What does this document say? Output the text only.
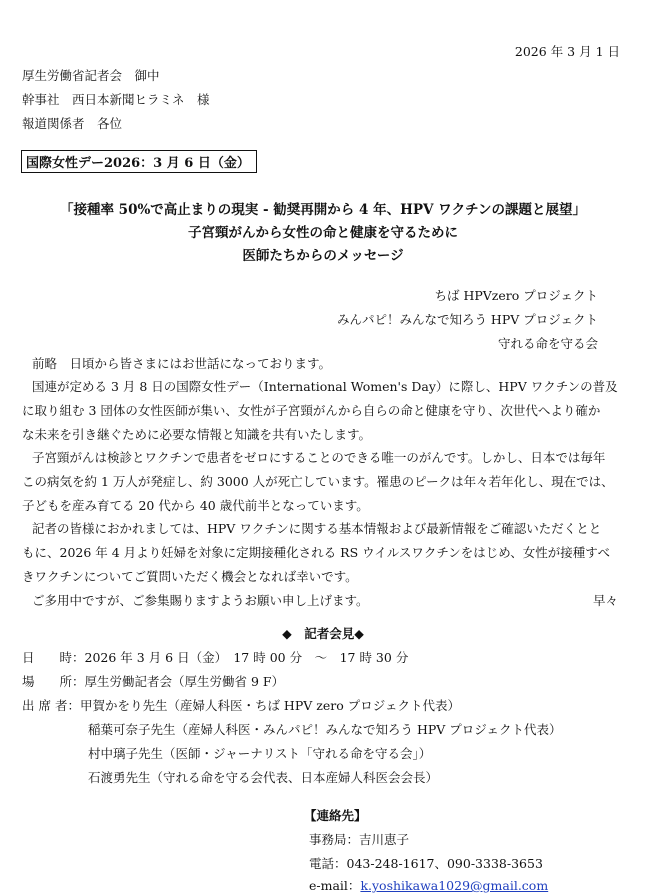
2026 年 3 月 1 日
厚生労働省記者会　御中
幹事社　西日本新聞ヒラミネ　様
報道関係者　各位
国際女性デー2026：3 月 6 日（金）
「接種率 50%で高止まりの現実 - 勧奨再開から 4 年、HPV ワクチンの課題と展望」
子宮頸がんから女性の命と健康を守るために
医師たちからのメッセージ
ちば HPVzero プロジェクト
みんパピ！みんなで知ろう HPV プロジェクト
守れる命を守る会
前略　日頃から皆さまにはお世話になっております。
国連が定める 3 月 8 日の国際女性デー（International Women's Day）に際し、HPV ワクチンの普及
に取り組む 3 団体の女性医師が集い、女性が子宮頸がんから自らの命と健康を守り、次世代へより確か
な未来を引き継ぐために必要な情報と知識を共有いたします。
子宮頸がんは検診とワクチンで患者をゼロにすることのできる唯一のがんです。しかし、日本では毎年
この病気を約 1 万人が発症し、約 3000 人が死亡しています。罹患のピークは年々若年化し、現在では、
子どもを産み育てる 20 代から 40 歳代前半となっています。
記者の皆様におかれましては、HPV ワクチンに関する基本情報および最新情報をご確認いただくとと
もに、2026 年 4 月より妊婦を対象に定期接種化される RS ウイルスワクチンをはじめ、女性が接種すべ
きワクチンについてご質問いただく機会となれば幸いです。
ご多用中ですが、ご参集賜りますようお願い申し上げます。	早々
◆　記者会見◆
日　　時：2026 年 3 月 6 日（金）　17 時 00 分　～　17 時 30 分
場　　所：厚生労働記者会（厚生労働省 9 F）
出 席 者：甲賀かをり先生（産婦人科医・ちば HPV zero プロジェクト代表）
稲葉可奈子先生（産婦人科医・みんパピ！みんなで知ろう HPV プロジェクト代表）
村中璃子先生（医師・ジャーナリスト「守れる命を守る会」）
石渡勇先生（守れる命を守る会代表、日本産婦人科医会会長）
【連絡先】
事務局：吉川恵子
電話：043-248-1617、090-3338-3653
e-mail：k.yoshikawa1029@gmail.com
